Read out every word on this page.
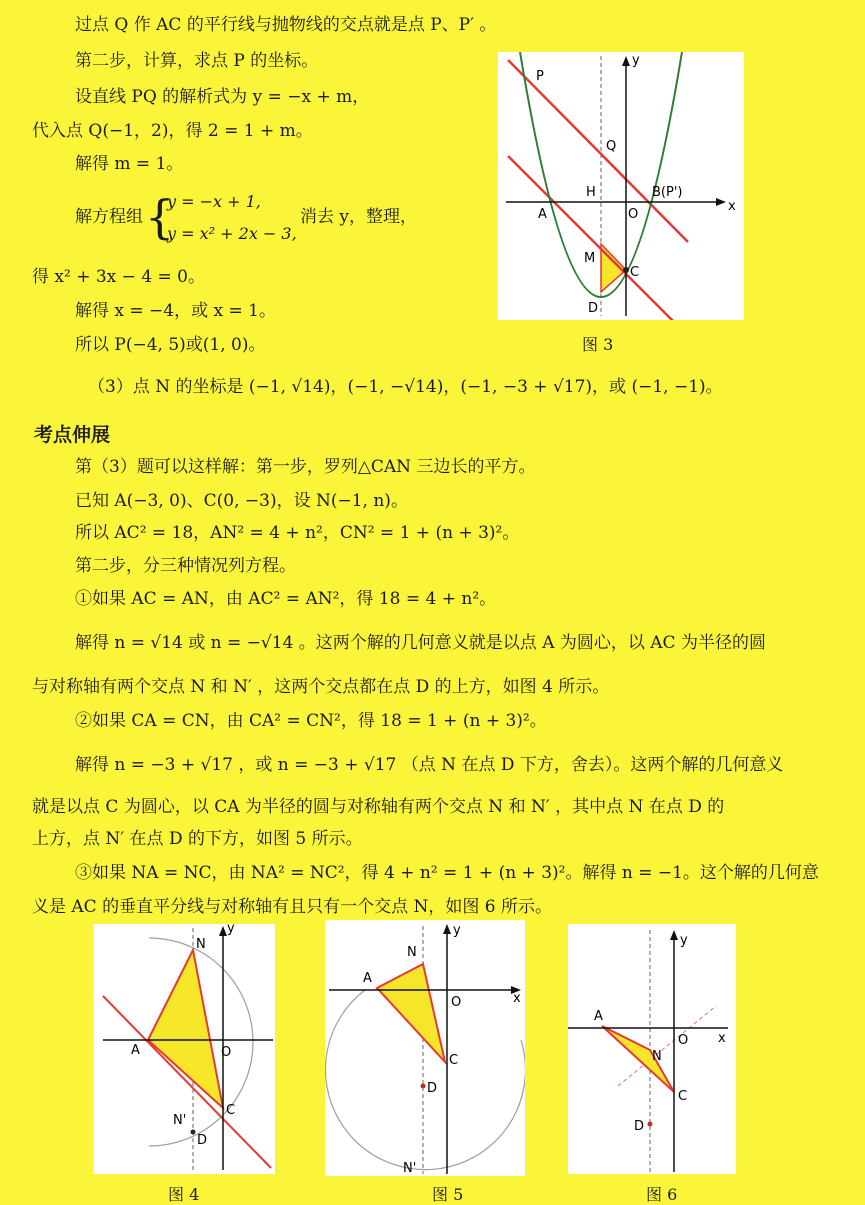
过点 Q 作 AC 的平行线与抛物线的交点就是点 P、P′ 。
第二步，计算，求点 P 的坐标。
设直线 PQ 的解析式为 y = −x + m，
代入点 Q(−1，2)，得 2 = 1 + m。
解得 m = 1。
解方程组 {
y = −x + 1,
y = x² + 2x − 3,
消去 y，整理，
得 x² + 3x − 4 = 0。
解得 x = −4，或 x = 1。
所以 P(−4, 5)或(1, 0)。
P
Q
H
A	O
B(P')
M
C
D
x
y
图 3
（3）点 N 的坐标是 (−1, √14)，(−1, −√14)，(−1, −3 + √17)，或 (−1, −1)。
考点伸展
第（3）题可以这样解：第一步，罗列△CAN 三边长的平方。
已知 A(−3, 0)、C(0, −3)，设 N(−1, n)。
所以 AC² = 18，AN² = 4 + n²，CN² = 1 + (n + 3)²。
第二步，分三种情况列方程。
①如果 AC = AN，由 AC² = AN²，得 18 = 4 + n²。
解得 n = √14 或 n = −√14 。这两个解的几何意义就是以点 A 为圆心，以 AC 为半径的圆
与对称轴有两个交点 N 和 N′ ，这两个交点都在点 D 的上方，如图 4 所示。
②如果 CA = CN，由 CA² = CN²，得 18 = 1 + (n + 3)²。
解得 n = −3 + √17 ，或 n = −3 + √17 （点 N 在点 D 下方，舍去）。这两个解的几何意义
就是以点 C 为圆心，以 CA 为半径的圆与对称轴有两个交点 N 和 N′ ，其中点 N 在点 D 的
上方，点 N′ 在点 D 的下方，如图 5 所示。
③如果 NA = NC，由 NA² = NC²，得 4 + n² = 1 + (n + 3)²。解得 n = −1。这个解的几何意
义是 AC 的垂直平分线与对称轴有且只有一个交点 N，如图 6 所示。
N
A	O
C
N'
D
y
图 4
N
A
O
C
D
N'
x
y
图 5
A
O
N
C
D
x
y
图 6
